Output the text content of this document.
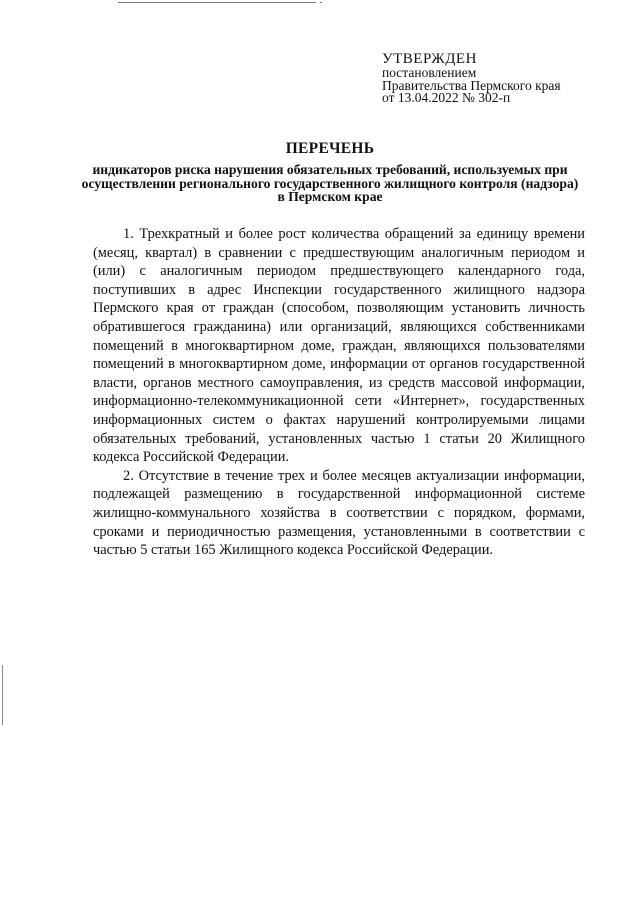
УТВЕРЖДЕН
постановлением
Правительства Пермского края
от 13.04.2022 № 302-п
ПЕРЕЧЕНЬ
индикаторов риска нарушения обязательных требований, используемых при осуществлении регионального государственного жилищного контроля (надзора) в Пермском крае

1. Трехкратный и более рост количества обращений за единицу времени (месяц, квартал) в сравнении с предшествующим аналогичным периодом и (или) с аналогичным периодом предшествующего календарного года, поступивших в адрес Инспекции государственного жилищного надзора Пермского края от граждан (способом, позволяющим установить личность обратившегося гражданина) или организаций, являющихся собственниками помещений в многоквартирном доме, граждан, являющихся пользователями помещений в многоквартирном доме, информации от органов государственной власти, органов местного самоуправления, из средств массовой информации, информационно-телекоммуникационной сети «Интернет», государственных информационных систем о фактах нарушений контролируемыми лицами обязательных требований, установленных частью 1 статьи 20 Жилищного кодекса Российской Федерации.

2. Отсутствие в течение трех и более месяцев актуализации информации, подлежащей размещению в государственной информационной системе жилищно-коммунального хозяйства в соответствии с порядком, формами, сроками и периодичностью размещения, установленными в соответствии с частью 5 статьи 165 Жилищного кодекса Российской Федерации.
